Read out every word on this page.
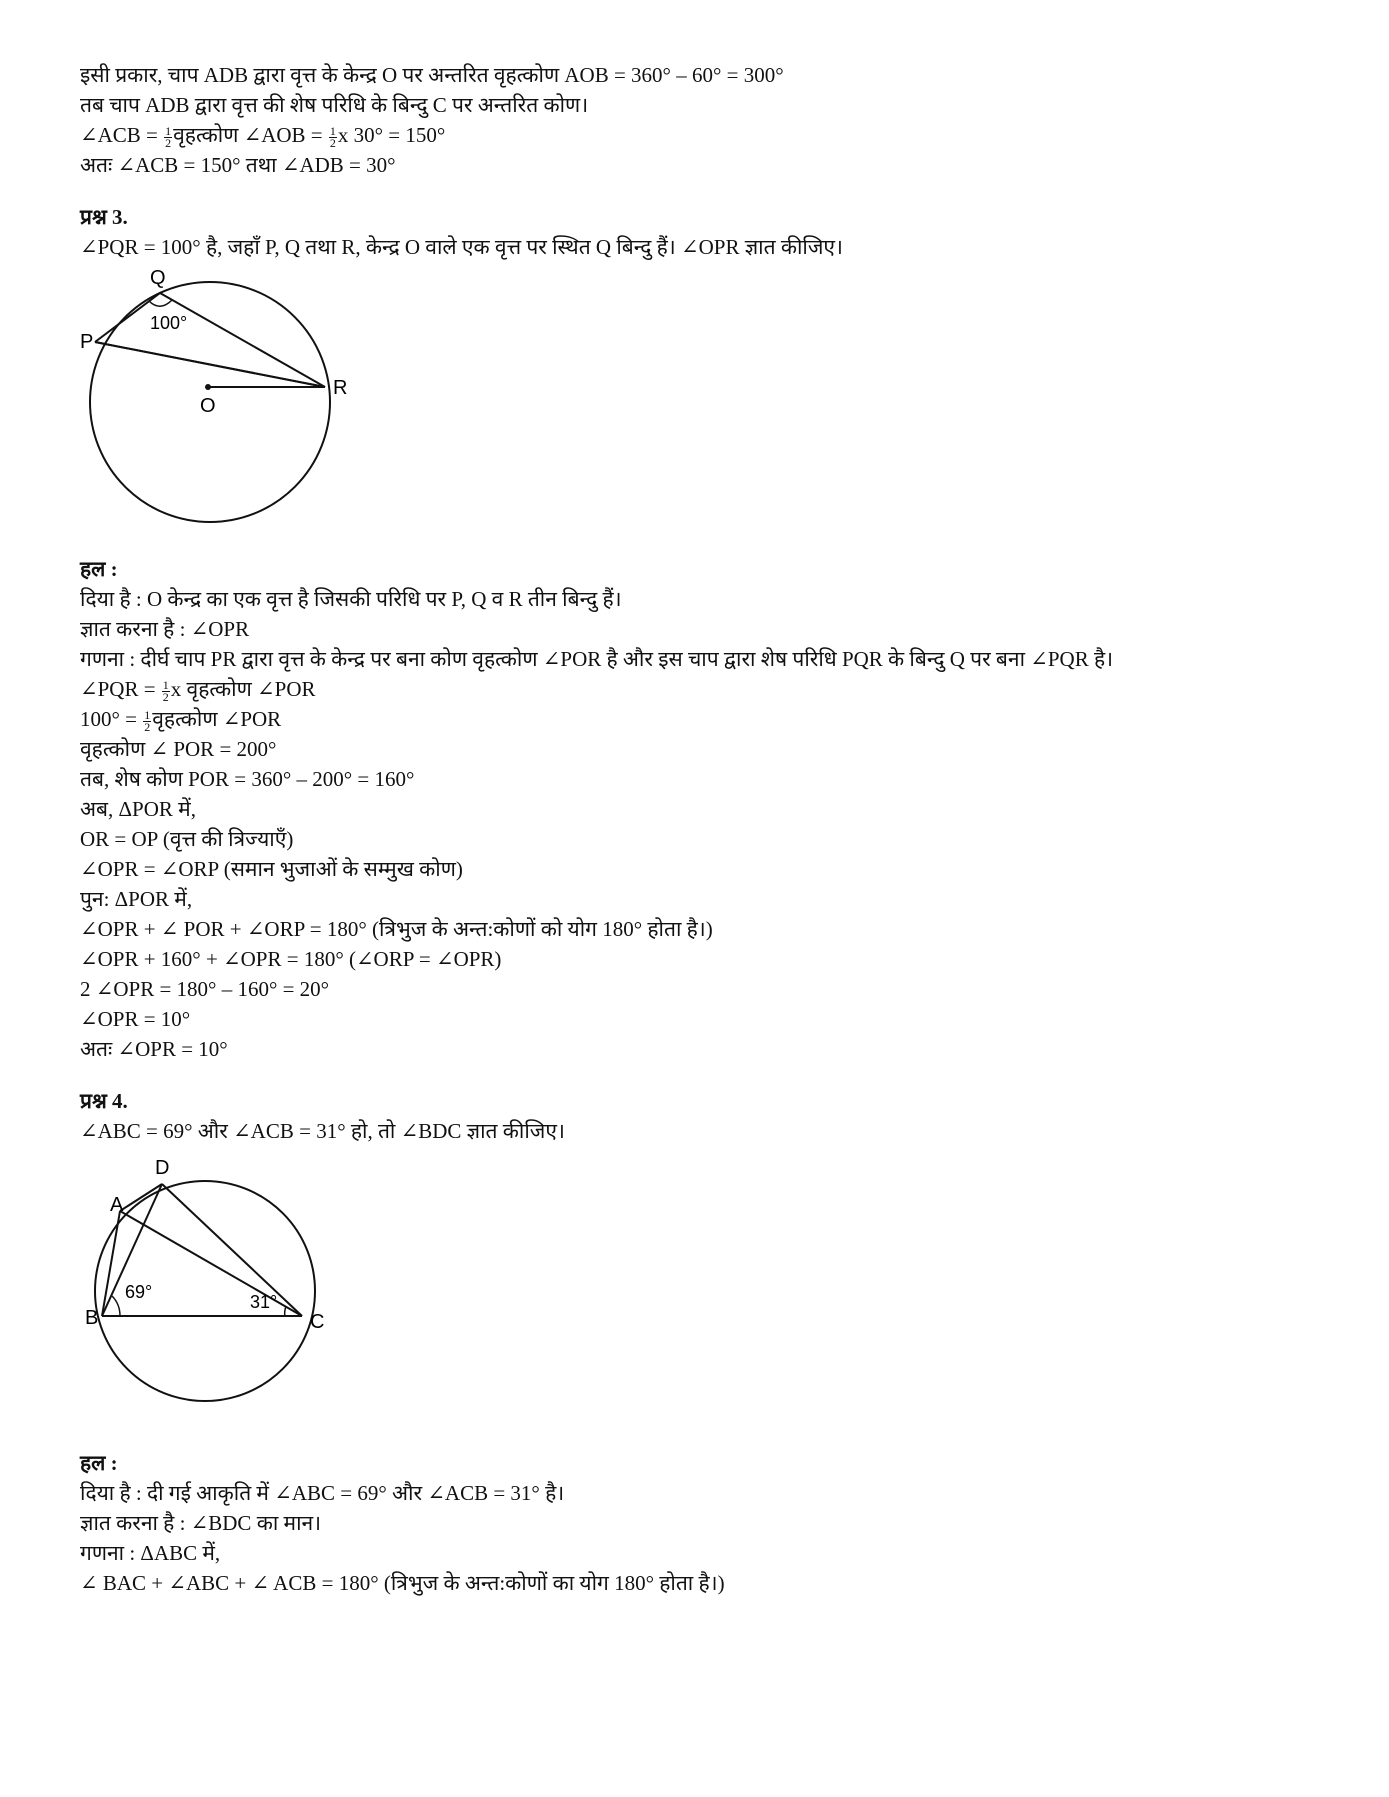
इसी प्रकार, चाप ADB द्वारा वृत्त के केन्द्र O पर अन्तरित वृहत्कोण AOB = 360° – 60° = 300°
तब चाप ADB द्वारा वृत्त की शेष परिधि के बिन्दु C पर अन्तरित कोण।
∠ACB = $\frac{1}{2}$ वृहत्कोण ∠AOB = $\frac{1}{2}$ x 30° = 150°
अतः ∠ACB = 150° तथा ∠ADB = 30°
प्रश्न 3.
∠PQR = 100° है, जहाँ P, Q तथा R, केन्द्र O वाले एक वृत्त पर स्थित Q बिन्दु हैं। ∠OPR ज्ञात कीजिए।
Q
P
R
O
100°
हल :
दिया है : O केन्द्र का एक वृत्त है जिसकी परिधि पर P, Q व R तीन बिन्दु हैं।
ज्ञात करना है : ∠OPR
गणना : दीर्घ चाप PR द्वारा वृत्त के केन्द्र पर बना कोण वृहत्कोण ∠POR है और इस चाप द्वारा शेष परिधि PQR के बिन्दु Q पर बना ∠PQR है।
∠PQR = $\frac{1}{2}$ x वृहत्कोण ∠POR
$100^\circ = \frac{1}{2}$ वृहत्कोण ∠POR
वृहत्कोण ∠ POR = 200°
तब, शेष कोण POR = 360° – 200° = 160°
अब, ΔPOR में,
OR = OP (वृत्त की त्रिज्याएँ)
∠OPR = ∠ORP (समान भुजाओं के सम्मुख कोण)
पुन: ΔPOR में,
∠OPR + ∠ POR + ∠ORP = 180° (त्रिभुज के अन्त:कोणों को योग 180° होता है।)
∠OPR + 160° + ∠OPR = 180° (∠ORP = ∠OPR)
2 ∠OPR = 180° – 160° = 20°
∠OPR = 10°
अतः ∠OPR = 10°
प्रश्न 4.
∠ABC = 69° और ∠ACB = 31° हो, तो ∠BDC ज्ञात कीजिए।
D
A
B	C
69°	31°
हल :
दिया है : दी गई आकृति में ∠ABC = 69° और ∠ACB = 31° है।
ज्ञात करना है : ∠BDC का मान।
गणना : ΔABC में,
∠ BAC + ∠ABC + ∠ ACB = 180° (त्रिभुज के अन्त:कोणों का योग 180° होता है।)
